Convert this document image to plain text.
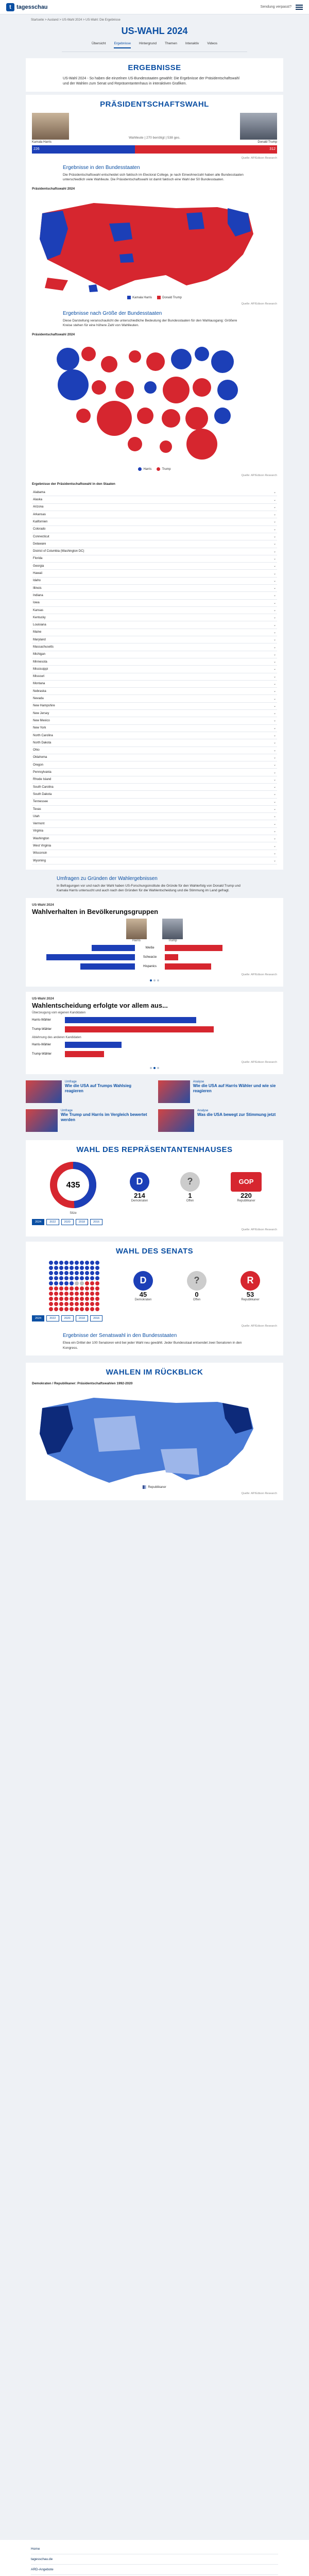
t tagesschau	Sendung verpasst?
Startseite > Ausland > US-Wahl 2024 > US-Wahl: Die Ergebnisse
US-WAHL 2024
Übersicht Ergebnisse Hintergrund Themen Interaktiv Videos
ERGEBNISSE
US-Wahl 2024 - So haben die einzelnen US-Bundesstaaten gewählt: Die Ergebnisse der Präsidentschaftswahl und der Wahlen zum Senat und Repräsentantenhaus in interaktiven Grafiken.
PRÄSIDENTSCHAFTSWAHL
Wahlleute | 270 benötigt | 538 ges.
Kamala Harris	Donald Trump
226	312
Quelle: AP/Edison Research
Ergebnisse in den Bundesstaaten
Die Präsidentschaftswahl entscheidet sich faktisch im Electoral College, je nach Einwohnerzahl haben alle Bundesstaaten unterschiedlich viele Wahlleute. Die Präsidentschaftswahl ist damit faktisch eine Wahl der 50 Bundesstaaten.
Präsidentschaftswahl 2024
Kamala Harris	Donald Trump
Quelle: AP/Edison Research
Ergebnisse nach Größe der Bundesstaaten
Diese Darstellung veranschaulicht die unterschiedliche Bedeutung der Bundesstaaten für den Wahlausgang: Größere Kreise stehen für eine höhere Zahl von Wahlleuten.
Präsidentschaftswahl 2024
Harris	Trump
Quelle: AP/Edison Research
Ergebnisse der Präsidentschaftswahl in den Staaten
Alabama	⌄
Alaska	⌄
Arizona	⌄
Arkansas	⌄
Kalifornien	⌄
Colorado	⌄
Connecticut	⌄
Delaware	⌄
District of Columbia (Washington DC)	⌄
Florida	⌄
Georgia	⌄
Hawaii	⌄
Idaho	⌄
Illinois	⌄
Indiana	⌄
Iowa	⌄
Kansas	⌄
Kentucky	⌄
Louisiana	⌄
Maine	⌄
Maryland	⌄
Massachusetts	⌄
Michigan	⌄
Minnesota	⌄
Mississippi	⌄
Missouri	⌄
Montana	⌄
Nebraska	⌄
Nevada	⌄
New Hampshire	⌄
New Jersey	⌄
New Mexico	⌄
New York	⌄
North Carolina	⌄
North Dakota	⌄
Ohio	⌄
Oklahoma	⌄
Oregon	⌄
Pennsylvania	⌄
Rhode Island	⌄
South Carolina	⌄
South Dakota	⌄
Tennessee	⌄
Texas	⌄
Utah	⌄
Vermont	⌄
Virginia	⌄
Washington	⌄
West Virginia	⌄
Wisconsin	⌄
Wyoming	⌄
Umfragen zu Gründen der Wahlergebnissen
In Befragungen vor und nach der Wahl haben US-Forschungsinstitute die Gründe für den Wahlerfolg von Donald Trump und Kamala Harris untersucht und auch nach den Gründen für die Wahlentscheidung und die Stimmung im Land gefragt.
US-Wahl 2024
Wahlverhalten in Bevölkerungsgruppen
Harris	Trump
Weiße
Schwarze
Hispanics
Quelle: AP/Edison Research
US-Wahl 2024
Wahlentscheidung erfolgte vor allem aus...
Überzeugung vom eigenen Kandidaten
Harris-Wähler
Trump-Wähler
Ablehnung des anderen Kandidaten
Harris-Wähler
Trump-Wähler
Quelle: AP/Edison Research
Umfrage
Wie die USA auf Trumps Wahlsieg reagieren
Analyse
Wie die USA auf Harris Wähler und wie sie reagieren
Umfrage
Wie Trump und Harris im Vergleich bewertet werden
Analyse
Was die USA bewegt zur Stimmung jetzt
WAHL DES REPRÄSENTANTENHAUSES
435
Sitze
D
214
Demokraten
?
1
Offen
GOP
220
Republikaner
2024	2022	2020	2018	2016
Quelle: AP/Edison Research
WAHL DES SENATS
D
45
Demokraten
?
0
Offen
R
53
Republikaner
2024	2022	2020	2018	2016
Quelle: AP/Edison Research
Ergebnisse der Senatswahl in den Bundesstaaten
Etwa ein Drittel der 100 Senatoren wird bei jeder Wahl neu gewählt. Jeder Bundesstaat entsendet zwei Senatoren in den Kongress.
WAHLEN IM RÜCKBLICK
Demokraten / Republikaner: Präsidentschaftswahlen 1992-2020
Republikaner
Quelle: AP/Edison Research
Home
tagesschau.de
ARD-Angebote
